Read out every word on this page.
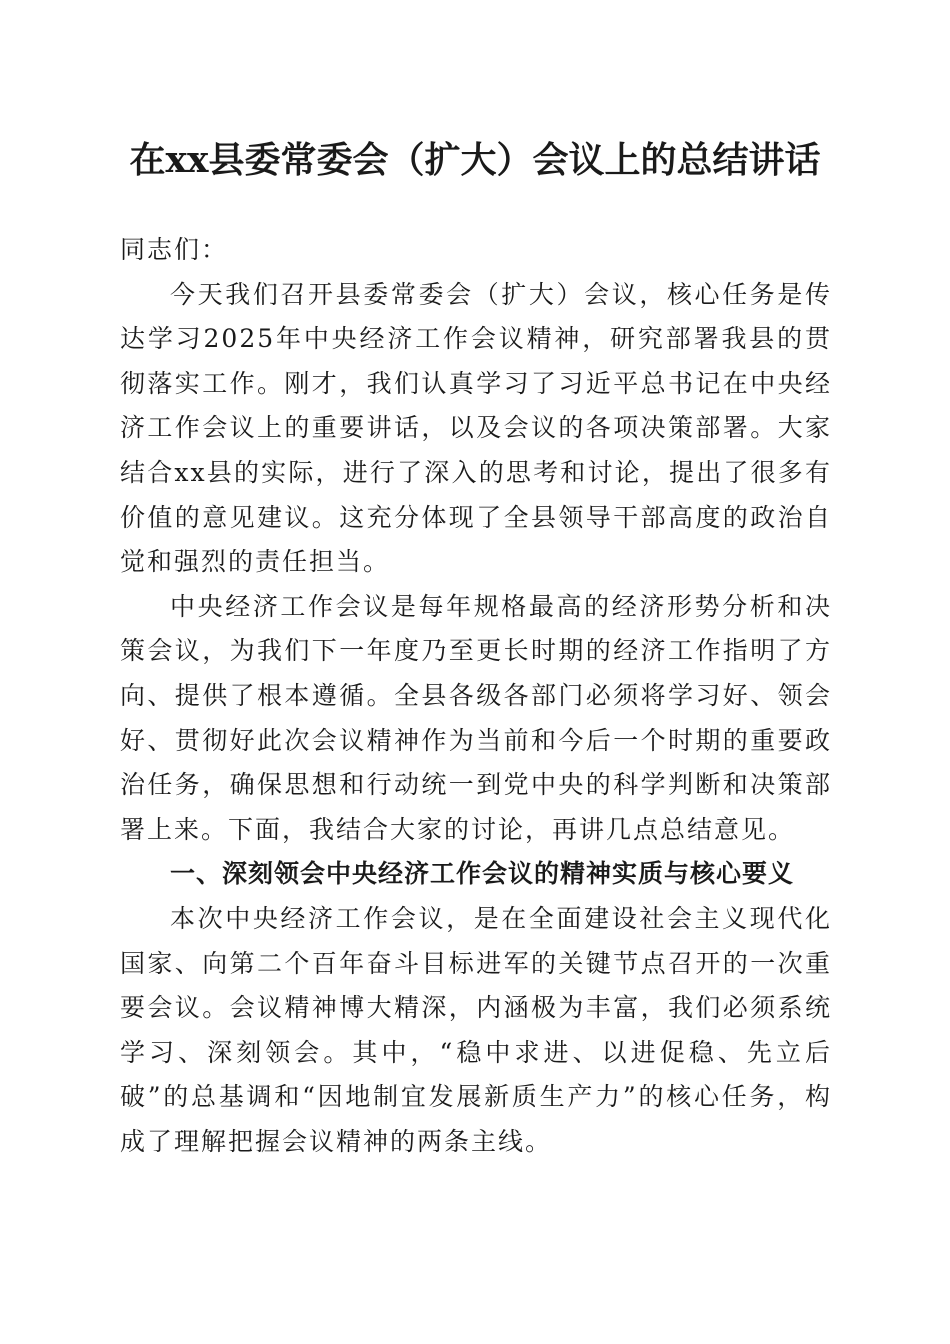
在xx县委常委会（扩大）会议上的总结讲话

同志们：

今天我们召开县委常委会（扩大）会议，核心任务是传达学习2025年中央经济工作会议精神，研究部署我县的贯彻落实工作。刚才，我们认真学习了习近平总书记在中央经济工作会议上的重要讲话，以及会议的各项决策部署。大家结合xx县的实际，进行了深入的思考和讨论，提出了很多有价值的意见建议。这充分体现了全县领导干部高度的政治自觉和强烈的责任担当。

中央经济工作会议是每年规格最高的经济形势分析和决策会议，为我们下一年度乃至更长时期的经济工作指明了方向、提供了根本遵循。全县各级各部门必须将学习好、领会好、贯彻好此次会议精神作为当前和今后一个时期的重要政治任务，确保思想和行动统一到党中央的科学判断和决策部署上来。下面，我结合大家的讨论，再讲几点总结意见。

一、深刻领会中央经济工作会议的精神实质与核心要义

本次中央经济工作会议，是在全面建设社会主义现代化国家、向第二个百年奋斗目标进军的关键节点召开的一次重要会议。会议精神博大精深，内涵极为丰富，我们必须系统学习、深刻领会。其中，“稳中求进、以进促稳、先立后破”的总基调和“因地制宜发展新质生产力”的核心任务，构成了理解把握会议精神的两条主线。
